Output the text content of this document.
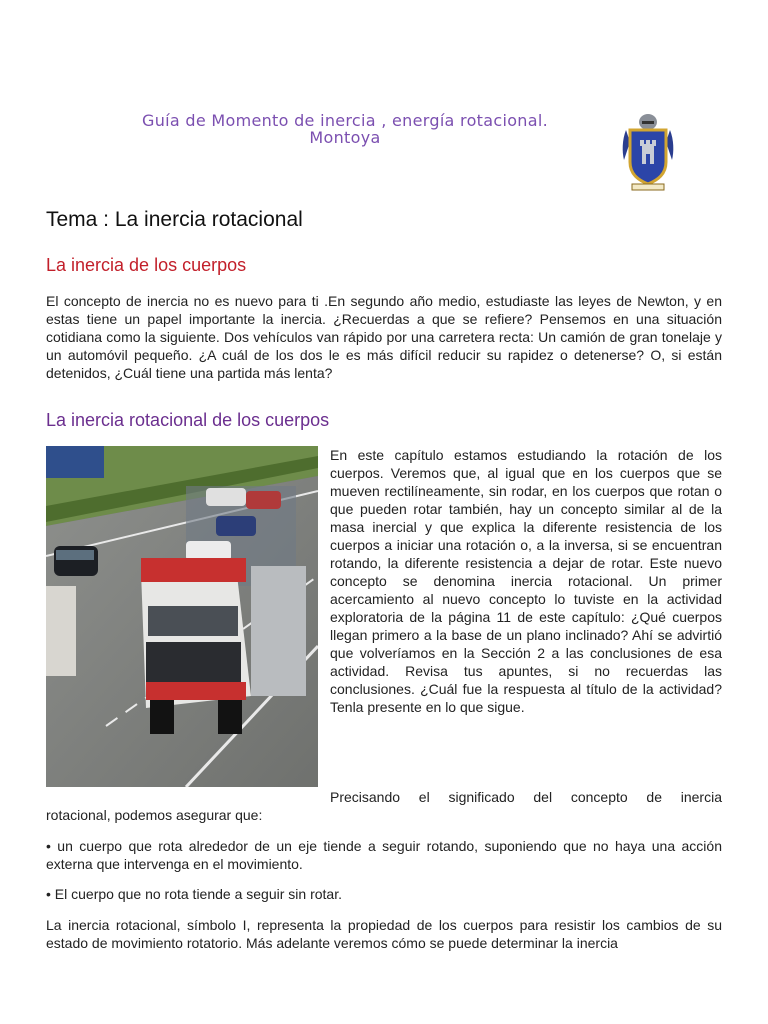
Guía de Momento de inercia , energía rotacional.
Montoya
Tema : La inercia rotacional
La inercia de los cuerpos
El concepto de inercia no es nuevo para ti .En segundo año medio, estudiaste las leyes de Newton, y en estas tiene un papel importante la inercia. ¿Recuerdas a que se refiere? Pensemos en una situación cotidiana como la siguiente. Dos vehículos van rápido por una carretera recta: Un camión de gran tonelaje y un automóvil pequeño. ¿A cuál de los dos le es más difícil reducir su rapidez o detenerse? O, si están detenidos, ¿Cuál tiene una partida más lenta?
La inercia rotacional de los cuerpos
En este capítulo estamos estudiando la rotación de los cuerpos. Veremos que, al igual que en los cuerpos que se mueven rectilíneamente, sin rodar, en los cuerpos que rotan o que pueden rotar también, hay un concepto similar al de la masa inercial y que explica la diferente resistencia de los cuerpos a iniciar una rotación o, a la inversa, si se encuentran rotando, la diferente resistencia a dejar de rotar. Este nuevo concepto se denomina inercia rotacional. Un primer acercamiento al nuevo concepto lo tuviste en la actividad exploratoria de la página 11 de este capítulo: ¿Qué cuerpos llegan primero a la base de un plano inclinado? Ahí se advirtió que volveríamos en la Sección 2 a las conclusiones de esa actividad. Revisa tus apuntes, si no recuerdas las conclusiones. ¿Cuál fue la respuesta al título de la actividad? Tenla presente en lo que sigue.
Precisando el significado del concepto de inercia
rotacional, podemos asegurar que:
• un cuerpo que rota alrededor de un eje tiende a seguir rotando, suponiendo que no haya una acción externa que intervenga en el movimiento.
• El cuerpo que no rota tiende a seguir sin rotar.
La inercia rotacional, símbolo I, representa la propiedad de los cuerpos para resistir los cambios de su estado de movimiento rotatorio. Más adelante veremos cómo se puede determinar la inercia
